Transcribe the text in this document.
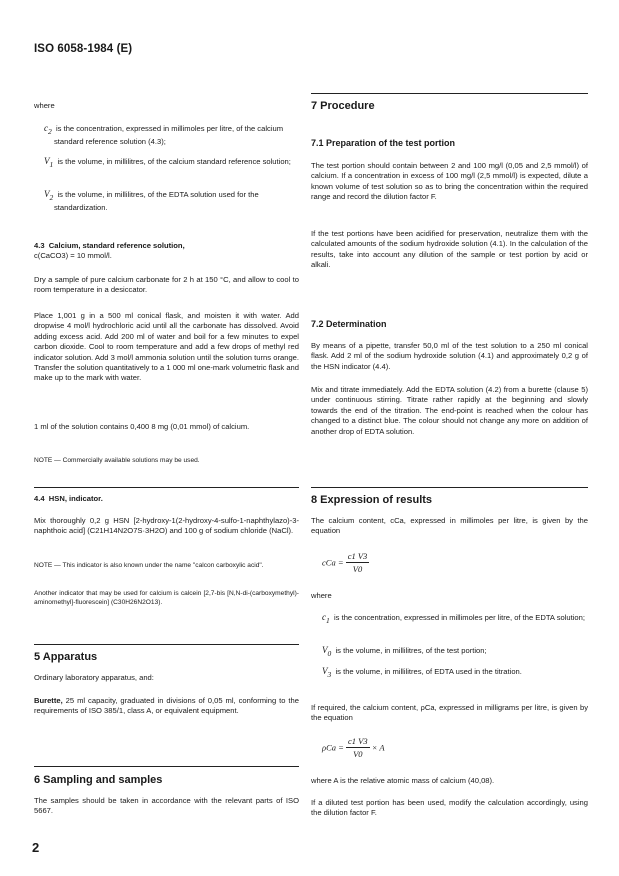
ISO 6058-1984 (E)

where

$c_2$ is the concentration, expressed in millimoles per litre, of the calcium standard reference solution (4.3);

$V_1$ is the volume, in millilitres, of the calcium standard reference solution;

$V_2$ is the volume, in millilitres, of the EDTA solution used for the standardization.

4.3 Calcium, standard reference solution,

c(CaCO3) = 10 mmol/l.

Dry a sample of pure calcium carbonate for 2 h at 150 °C, and allow to cool to room temperature in a desiccator.

Place 1,001 g in a 500 ml conical flask, and moisten it with water. Add dropwise 4 mol/l hydrochloric acid until all the carbonate has dissolved. Avoid adding excess acid. Add 200 ml of water and boil for a few minutes to expel carbon dioxide. Cool to room temperature and add a few drops of methyl red indicator solution. Add 3 mol/l ammonia solution until the solution turns orange. Transfer the solution quantitatively to a 1 000 ml one-mark volumetric flask and make up to the mark with water.

1 ml of the solution contains 0,400 8 mg (0,01 mmol) of calcium.

NOTE — Commercially available solutions may be used.

4.4 HSN, indicator.

Mix thoroughly 0,2 g HSN [2-hydroxy-1(2-hydroxy-4-sulfo-1-naphthylazo)-3-naphthoic acid] (C21H14N2O7S·3H2O) and 100 g of sodium chloride (NaCl).

NOTE — This indicator is also known under the name "calcon carboxylic acid".

Another indicator that may be used for calcium is calcein [2,7-bis [N,N-di-(carboxymethyl)-aminomethyl]-fluorescein] (C30H26N2O13).

5 Apparatus

Ordinary laboratory apparatus, and:

Burette, 25 ml capacity, graduated in divisions of 0,05 ml, conforming to the requirements of ISO 385/1, class A, or equivalent equipment.

6 Sampling and samples

The samples should be taken in accordance with the relevant parts of ISO 5667.

2

7 Procedure

7.1 Preparation of the test portion

The test portion should contain between 2 and 100 mg/l (0,05 and 2,5 mmol/l) of calcium. If a concentration in excess of 100 mg/l (2,5 mmol/l) is expected, dilute a known volume of test solution so as to bring the concentration within the required range and record the dilution factor F.

If the test portions have been acidified for preservation, neutralize them with the calculated amounts of the sodium hydroxide solution (4.1). In the calculation of the results, take into account any dilution of the sample or test portion by acid or alkali.

7.2 Determination

By means of a pipette, transfer 50,0 ml of the test solution to a 250 ml conical flask. Add 2 ml of the sodium hydroxide solution (4.1) and approximately 0,2 g of the HSN indicator (4.4).

Mix and titrate immediately. Add the EDTA solution (4.2) from a burette (clause 5) under continuous stirring. Titrate rather rapidly at the beginning and slowly towards the end of the titration. The end-point is reached when the colour has changed to a distinct blue. The colour should not change any more on addition of another drop of EDTA solution.

8 Expression of results

The calcium content, cCa, expressed in millimoles per litre, is given by the equation

cCa = $\frac{c1 V3}{V0}$

where

$c_1$ is the concentration, expressed in millimoles per litre, of the EDTA solution;

$V_0$ is the volume, in millilitres, of the test portion;

$V_3$ is the volume, in millilitres, of EDTA used in the titration.

If required, the calcium content, ρCa, expressed in milligrams per litre, is given by the equation

$\rho Ca = \frac{c1 V3}{V0} \times A$

where A is the relative atomic mass of calcium (40,08).

If a diluted test portion has been used, modify the calculation accordingly, using the dilution factor F.
